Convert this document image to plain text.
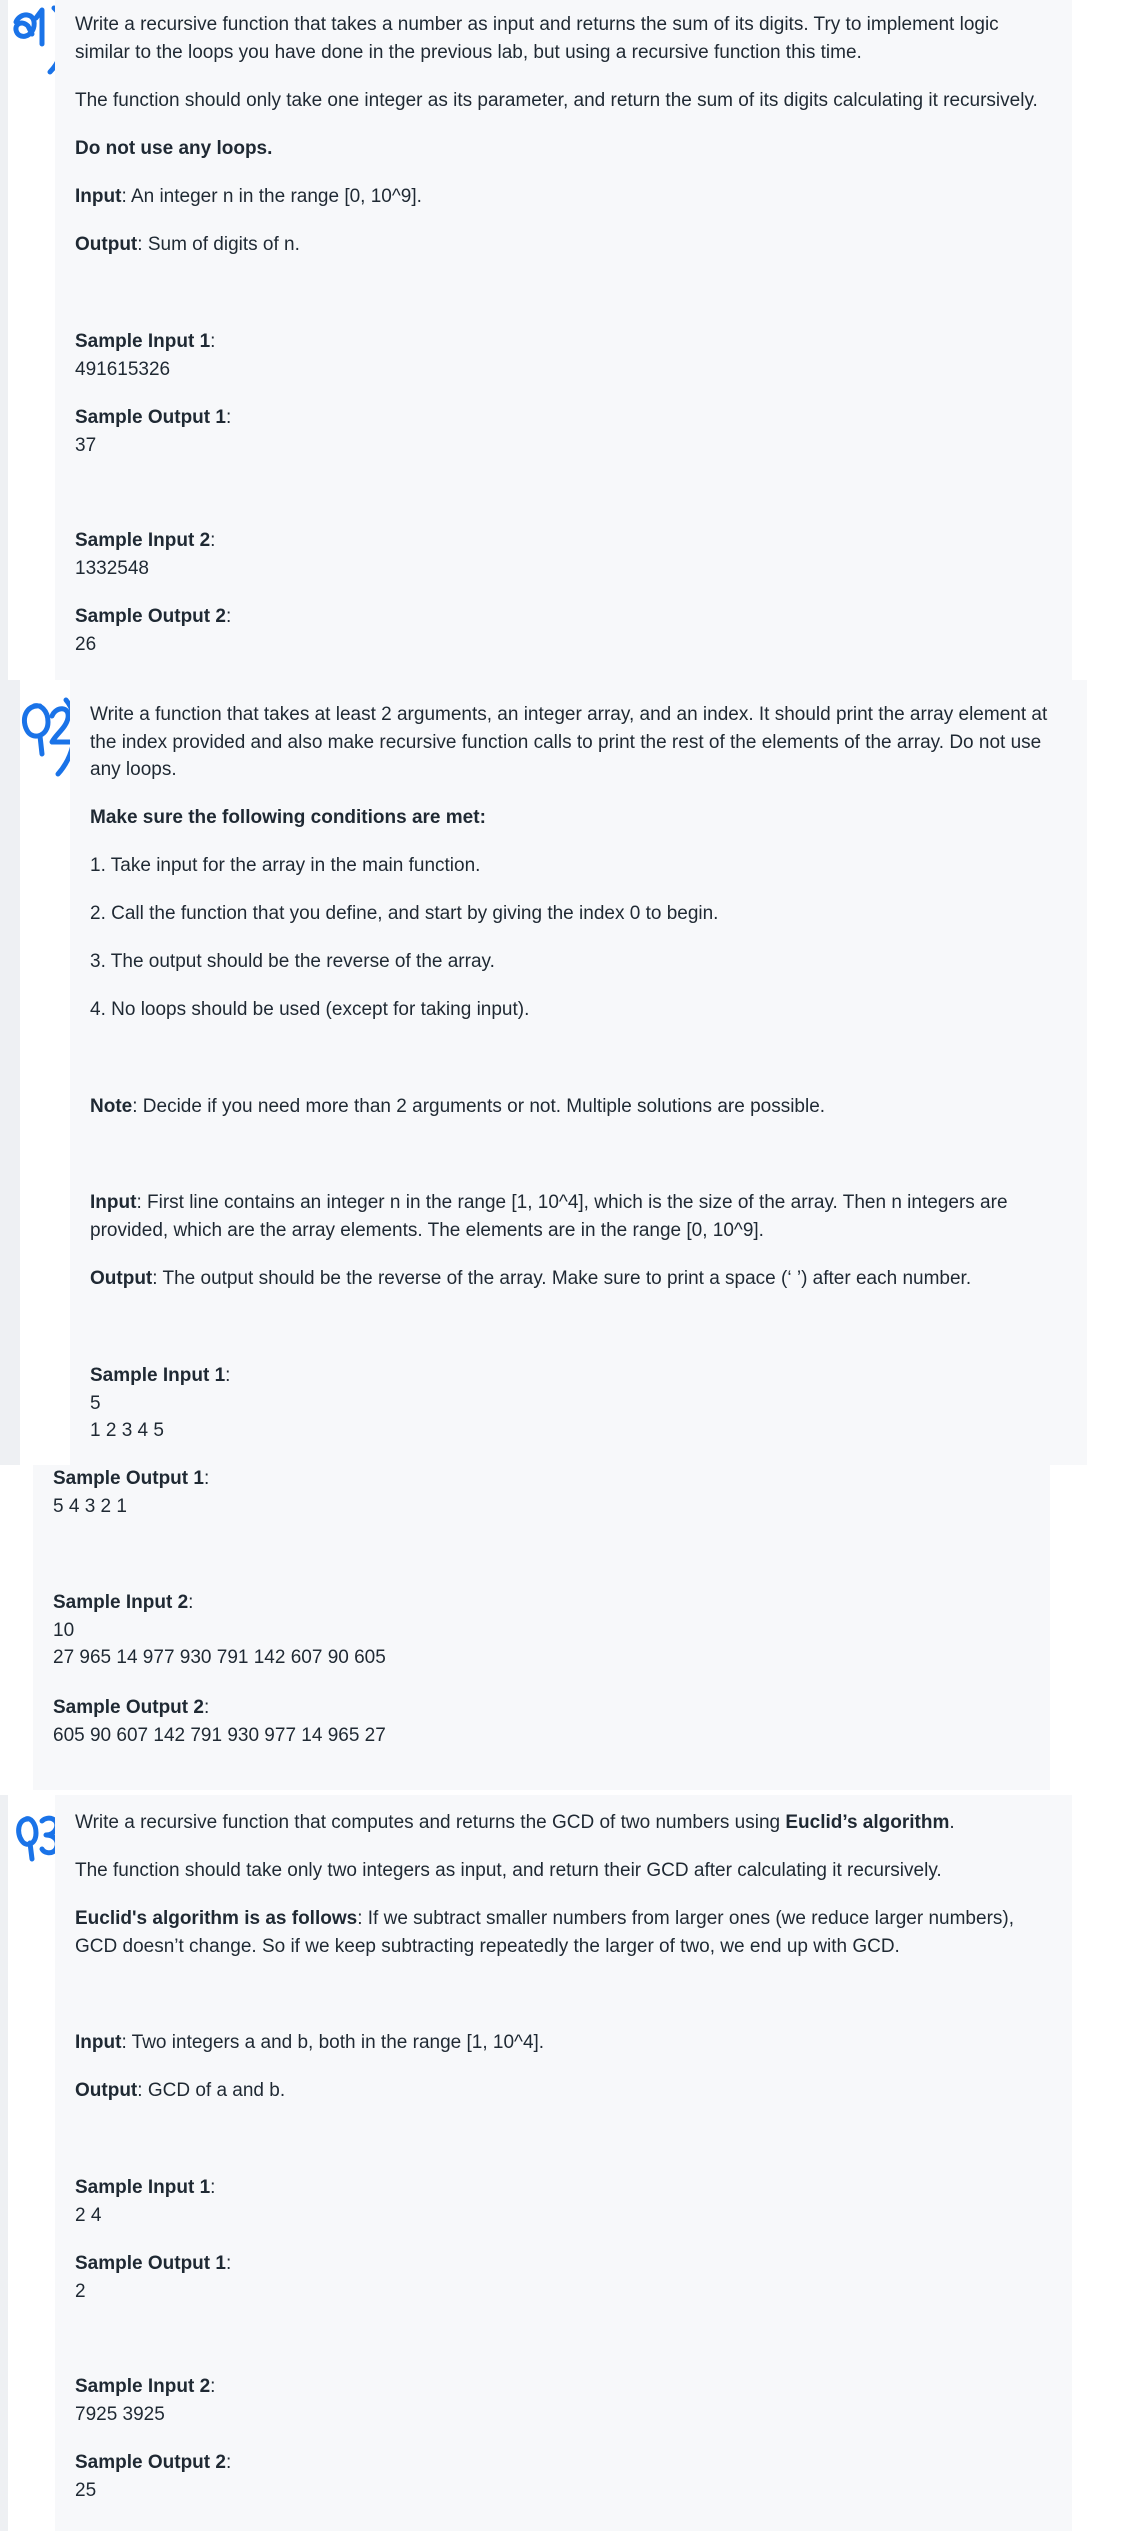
Write a recursive function that takes a number as input and returns the sum of its digits. Try to implement logic similar to the loops you have done in the previous lab, but using a recursive function this time.

The function should only take one integer as its parameter, and return the sum of its digits calculating it recursively.

Do not use any loops.

Input: An integer n in the range [0, 10^9].

Output: Sum of digits of n.

Sample Input 1:
491615326

Sample Output 1:
37

Sample Input 2:
1332548

Sample Output 2:
26

Write a function that takes at least 2 arguments, an integer array, and an index. It should print the array element at the index provided and also make recursive function calls to print the rest of the elements of the array. Do not use any loops.

Make sure the following conditions are met:

1. Take input for the array in the main function.

2. Call the function that you define, and start by giving the index 0 to begin.

3. The output should be the reverse of the array.

4. No loops should be used (except for taking input).

Note: Decide if you need more than 2 arguments or not. Multiple solutions are possible.

Input: First line contains an integer n in the range [1, 10^4], which is the size of the array. Then n integers are provided, which are the array elements. The elements are in the range [0, 10^9].

Output: The output should be the reverse of the array. Make sure to print a space (‘ ’) after each number.

Sample Input 1:
5
1 2 3 4 5

Sample Output 1:
5 4 3 2 1

Sample Input 2:
10
27 965 14 977 930 791 142 607 90 605

Sample Output 2:
605 90 607 142 791 930 977 14 965 27

Write a recursive function that computes and returns the GCD of two numbers using Euclid’s algorithm.

The function should take only two integers as input, and return their GCD after calculating it recursively.

Euclid's algorithm is as follows: If we subtract smaller numbers from larger ones (we reduce larger numbers), GCD doesn’t change. So if we keep subtracting repeatedly the larger of two, we end up with GCD.

Input: Two integers a and b, both in the range [1, 10^4].

Output: GCD of a and b.

Sample Input 1:
2 4

Sample Output 1:
2

Sample Input 2:
7925 3925

Sample Output 2:
25
